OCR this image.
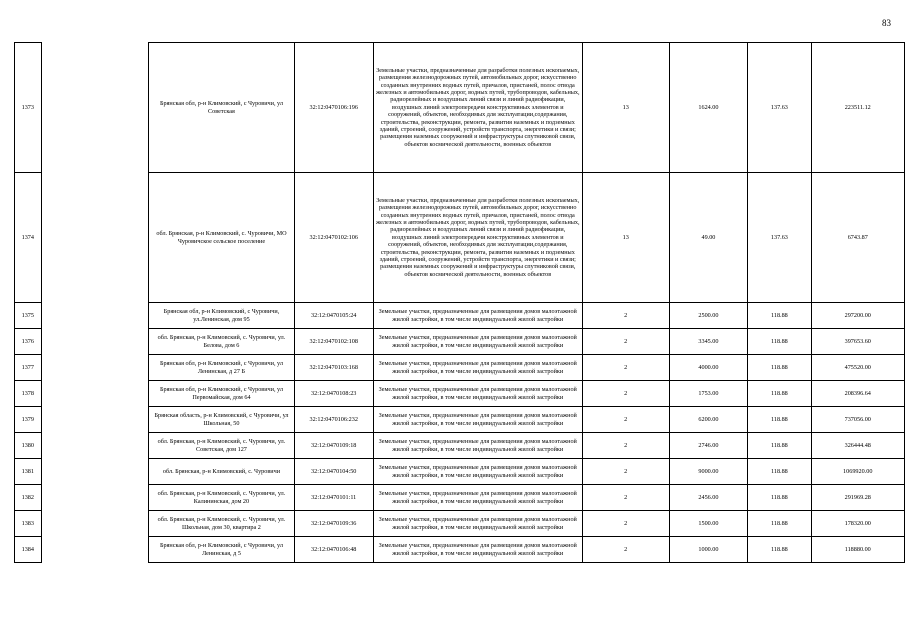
83
1373		Брянская обл, р-н Климовский, с Чуровичи, ул Советская	32:12:0470106:196	Земельные участки, предназначенные для разработки полезных ископаемых, размещения железнодорожных путей, автомобильных дорог, искусственно созданных внутренних водных путей, причалов, пристаней, полос отвода железных и автомобильных дорог, водных путей, трубопроводов, кабельных, радиорелейных и воздушных линий связи и линий радиофикации, воздушных линий электропередачи конструктивных элементов и сооружений, объектов, необходимых для эксплуатации,содержания, строительства, реконструкции, ремонта, развития наземных и подземных зданий, строений, сооружений, устройств транспорта, энергетики и связи; размещения наземных сооружений и инфраструктуры спутниковой связи, объектов космической деятельности, военных объектов	13	1624.00	137.63	223511.12
1374		обл. Брянская, р-н Климовский, с. Чуровичи, МО Чуровичское сельское поселение	32:12:0470102:106	Земельные участки, предназначенные для разработки полезных ископаемых, размещения железнодорожных путей, автомобильных дорог, искусственно созданных внутренних водных путей, причалов, пристаней, полос отвода железных и автомобильных дорог, водных путей, трубопроводов, кабельных, радиорелейных и воздушных линий связи и линий радиофикации, воздушных линий электропередачи конструктивных элементов и сооружений, объектов, необходимых для эксплуатации,содержания, строительства, реконструкции, ремонта, развития наземных и подземных зданий, строений, сооружений, устройств транспорта, энергетики и связи; размещения наземных сооружений и инфраструктуры спутниковой связи, объектов космической деятельности, военных объектов	13	49.00	137.63	6743.87
1375		Брянская обл, р-н Климовский, с Чуровичи, ул.Ленинская, дом 95	32:12:0470105:24	Земельные участки, предназначенные для размещения домов малоэтажной жилой застройки, в том числе индивидуальной жилой застройки	2	2500.00	118.88	297200.00
1376		обл. Брянская, р-н Климовский, с. Чуровичи, ул. Белова, дом 6	32:12:0470102:108	Земельные участки, предназначенные для размещения домов малоэтажной жилой застройки, в том числе индивидуальной жилой застройки	2	3345.00	118.88	397653.60
1377		Брянская обл, р-н Климовский, с Чуровичи, ул Ленинская, д 27 Б	32:12:0470103:168	Земельные участки, предназначенные для размещения домов малоэтажной жилой застройки, в том числе индивидуальной жилой застройки	2	4000.00	118.88	475520.00
1378		Брянская обл, р-н Климовский, с Чуровичи, ул Первомайская, дом 64	32:12:0470108:23	Земельные участки, предназначенные для размещения домов малоэтажной жилой застройки, в том числе индивидуальной жилой застройки	2	1753.00	118.88	208396.64
1379		Брянская область, р-н Климовский, с Чуровичи, ул Школьная, 50	32:12:0470106:232	Земельные участки, предназначенные для размещения домов малоэтажной жилой застройки, в том числе индивидуальной жилой застройки	2	6200.00	118.88	737056.00
1380		обл. Брянская, р-н Климовский, с. Чуровичи, ул. Советская, дом 127	32:12:0470109:18	Земельные участки, предназначенные для размещения домов малоэтажной жилой застройки, в том числе индивидуальной жилой застройки	2	2746.00	118.88	326444.48
1381		обл. Брянская, р-н Климовский, с. Чуровичи	32:12:0470104:50	Земельные участки, предназначенные для размещения домов малоэтажной жилой застройки, в том числе индивидуальной жилой застройки	2	9000.00	118.88	1069920.00
1382		обл. Брянская, р-н Климовский, с. Чуровичи, ул. Калининская, дом 20	32:12:0470101:11	Земельные участки, предназначенные для размещения домов малоэтажной жилой застройки, в том числе индивидуальной жилой застройки	2	2456.00	118.88	291969.28
1383		обл. Брянская, р-н Климовский, с. Чуровичи, ул. Школьная, дом 30, квартира 2	32:12:0470109:36	Земельные участки, предназначенные для размещения домов малоэтажной жилой застройки, в том числе индивидуальной жилой застройки	2	1500.00	118.88	178320.00
1384		Брянская обл, р-н Климовский, с Чуровичи, ул Ленинская, д 5	32:12:0470106:48	Земельные участки, предназначенные для размещения домов малоэтажной жилой застройки, в том числе индивидуальной жилой застройки	2	1000.00	118.88	118880.00
